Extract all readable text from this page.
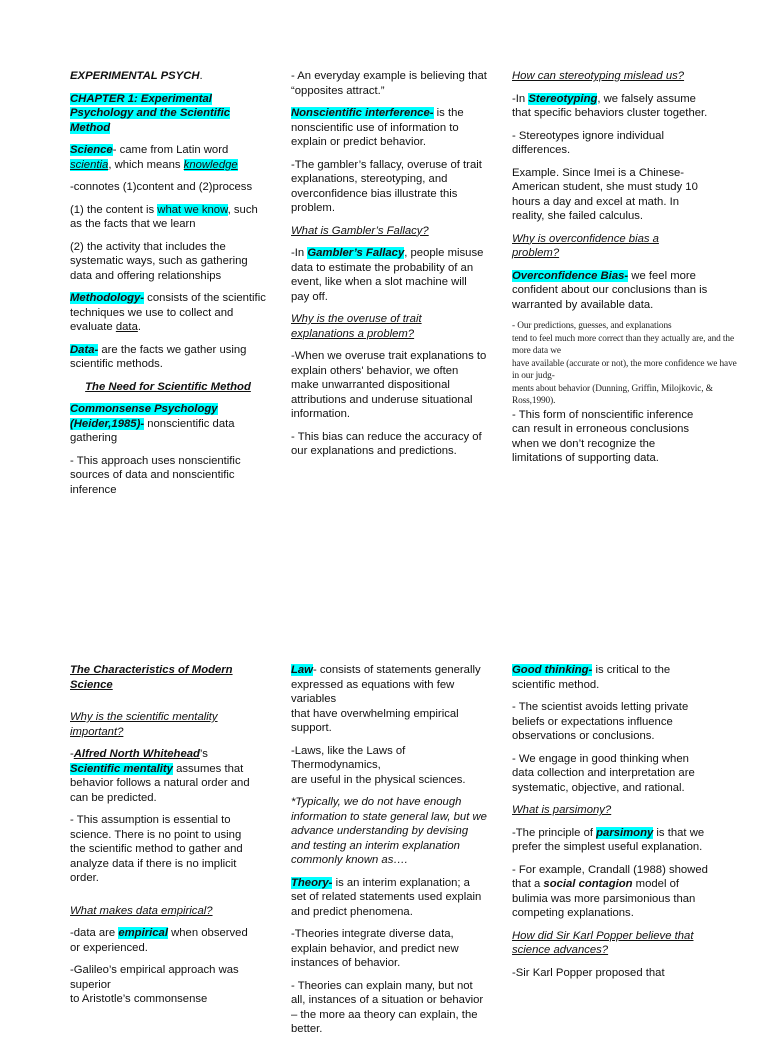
EXPERIMENTAL PSYCH.

CHAPTER 1: Experimental Psychology and the Scientific Method

Science- came from Latin word scientia, which means knowledge

-connotes (1)content and (2)process

(1) the content is what we know, such as the facts that we learn

(2) the activity that includes the systematic ways, such as gathering data and offering relationships

Methodology- consists of the scientific techniques we use to collect and evaluate data.

Data- are the facts we gather using scientific methods.

The Need for Scientific Method

Commonsense Psychology (Heider,1985)- nonscientific data gathering

- This approach uses nonscientific sources of data and nonscientific inference

- An everyday example is believing that “opposites attract.”

Nonscientific interference- is the nonscientific use of information to explain or predict behavior.

-The gambler’s fallacy, overuse of trait explanations, stereotyping, and overconfidence bias illustrate this problem.

What is Gambler’s Fallacy?

-In Gambler’s Fallacy, people misuse data to estimate the probability of an event, like when a slot machine will pay off.

Why is the overuse of trait explanations a problem?

-When we overuse trait explanations to explain others' behavior, we often make unwarranted dispositional attributions and underuse situational information.

- This bias can reduce the accuracy of our explanations and predictions.

How can stereotyping mislead us?

-In Stereotyping, we falsely assume that specific behaviors cluster together.

- Stereotypes ignore individual differences.

Example. Since Imei is a Chinese-American student, she must study 10 hours a day and excel at math. In reality, she failed calculus.

Why is overconfidence bias a problem?

Overconfidence Bias- we feel more confident about our conclusions than is warranted by available data.

- Our predictions, guesses, and explanations
tend to feel much more correct than they actually are, and the more data we
have available (accurate or not), the more confidence we have in our judg-
ments about behavior (Dunning, Griffin, Milojkovic, & Ross,1990).

- This form of nonscientific inference can result in erroneous conclusions when we don’t recognize the limitations of supporting data.

The Characteristics of Modern Science

Why is the scientific mentality important?

-Alfred North Whitehead’s Scientific mentality assumes that behavior follows a natural order and can be predicted.

- This assumption is essential to science. There is no point to using the scientific method to gather and analyze data if there is no implicit order.

What makes data empirical?

-data are empirical when observed or experienced.

-Galileo’s empirical approach was superior
to Aristotle’s commonsense

Law- consists of statements generally expressed as equations with few variables
that have overwhelming empirical support.

-Laws, like the Laws of Thermodynamics,
are useful in the physical sciences.

*Typically, we do not have enough information to state general law, but we advance understanding by devising and testing an interim explanation commonly known as….

Theory- is an interim explanation; a set of related statements used explain and predict phenomena.

-Theories integrate diverse data, explain behavior, and predict new instances of behavior.

- Theories can explain many, but not all, instances of a situation or behavior – the more aa theory can explain, the better.

Good thinking- is critical to the scientific method.

- The scientist avoids letting private beliefs or expectations influence observations or conclusions.

- We engage in good thinking when data collection and interpretation are systematic, objective, and rational.

What is parsimony?

-The principle of parsimony is that we prefer the simplest useful explanation.

- For example, Crandall (1988) showed that a social contagion model of bulimia was more parsimonious than competing explanations.

How did Sir Karl Popper believe that science advances?

-Sir Karl Popper proposed that
